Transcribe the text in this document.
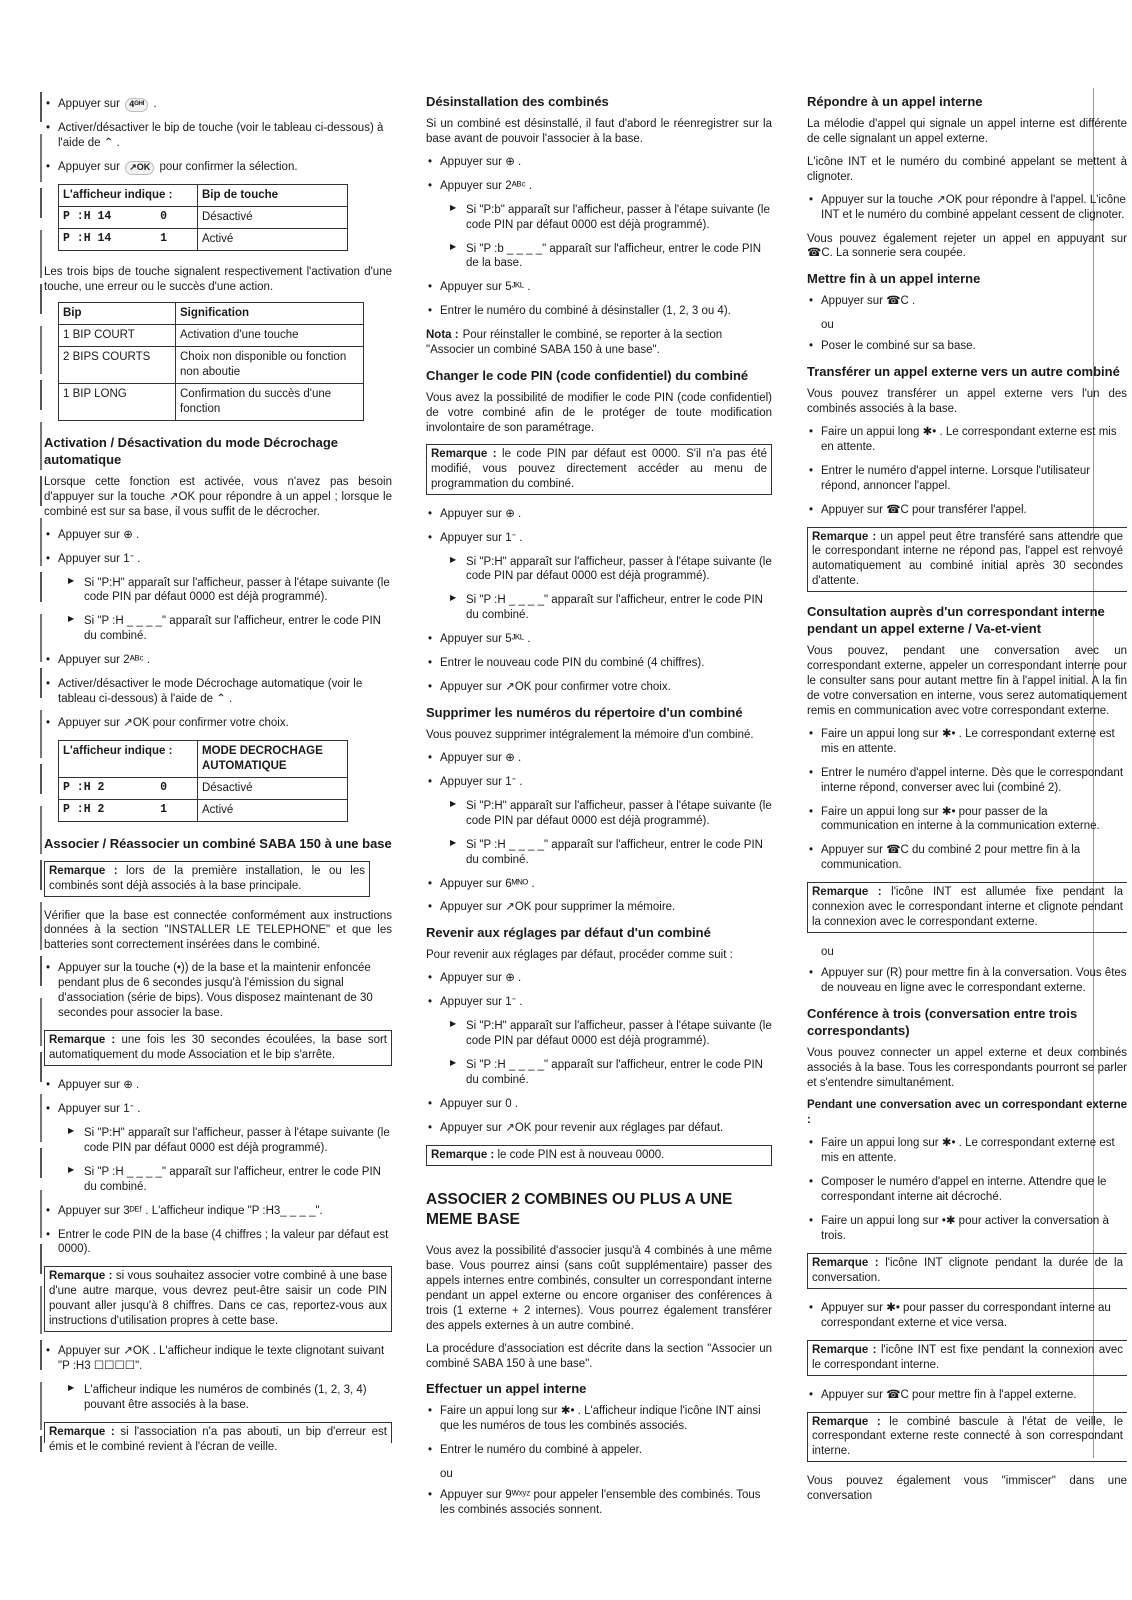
• Appuyer sur 4ᴳᴴᴵ .
• Activer/désactiver le bip de touche (voir le tableau ci-dessous) à l'aide de ⌃ .
• Appuyer sur ↗OK pour confirmer la sélection.
L'afficheur indique :	Bip de touche

P :H 14 0	Désactivé

P :H 14 1	Activé
Les trois bips de touche signalent respectivement l'activation d'une touche, une erreur ou le succès d'une action.
Bip	Signification
1 BIP COURT	Activation d'une touche
2 BIPS COURTS	Choix non disponible ou fonction non aboutie
1 BIP LONG	Confirmation du succès d'une fonction
Activation / Désactivation du mode Décrochage automatique
Lorsque cette fonction est activée, vous n'avez pas besoin d'appuyer sur la touche ↗OK pour répondre à un appel ; lorsque le combiné est sur sa base, il vous suffit de le décrocher.
• Appuyer sur ⊕ .
• Appuyer sur 1ᐨ .
▶ Si "P:H" apparaît sur l'afficheur, passer à l'étape suivante (le code PIN par défaut 0000 est déjà programmé).
▶ Si "P :H _ _ _ _" apparaît sur l'afficheur, entrer le code PIN du combiné.
• Appuyer sur 2ᴬᴮᶜ .
• Activer/désactiver le mode Décrochage automatique (voir le tableau ci-dessous) à l'aide de ⌃ .
• Appuyer sur ↗OK pour confirmer votre choix.
L'afficheur indique :	MODE DECROCHAGE AUTOMATIQUE

P :H 2 0	Désactivé

P :H 2 1	Activé
Associer / Réassocier un combiné SABA 150 à une base
Remarque : lors de la première installation, le ou les combinés sont déjà associés à la base principale.
Vérifier que la base est connectée conformément aux instructions données à la section "INSTALLER LE TELEPHONE" et que les batteries sont correctement insérées dans le combiné.
• Appuyer sur la touche (•)) de la base et la maintenir enfoncée pendant plus de 6 secondes jusqu'à l'émission du signal d'association (série de bips). Vous disposez maintenant de 30 secondes pour associer la base.
Remarque : une fois les 30 secondes écoulées, la base sort automatiquement du mode Association et le bip s'arrête.
• Appuyer sur ⊕ .
• Appuyer sur 1ᐨ .
▶ Si "P:H" apparaît sur l'afficheur, passer à l'étape suivante (le code PIN par défaut 0000 est déjà programmé).
▶ Si "P :H _ _ _ _" apparaît sur l'afficheur, entrer le code PIN du combiné.
• Appuyer sur 3ᴰᴱᶠ . L'afficheur indique "P :H3_ _ _ _".
• Entrer le code PIN de la base (4 chiffres ; la valeur par défaut est 0000).
Remarque : si vous souhaitez associer votre combiné à une base d'une autre marque, vous devrez peut-être saisir un code PIN pouvant aller jusqu'à 8 chiffres. Dans ce cas, reportez-vous aux instructions d'utilisation propres à cette base.
• Appuyer sur ↗OK . L'afficheur indique le texte clignotant suivant "P :H3 ☐☐☐☐".
▶ L'afficheur indique les numéros de combinés (1, 2, 3, 4) pouvant être associés à la base.
Remarque : si l'association n'a pas abouti, un bip d'erreur est émis et le combiné revient à l'écran de veille.
Désinstallation des combinés
Si un combiné est désinstallé, il faut d'abord le réenregistrer sur la base avant de pouvoir l'associer à la base.
• Appuyer sur ⊕ .
• Appuyer sur 2ᴬᴮᶜ .
▶ Si "P:b" apparaît sur l'afficheur, passer à l'étape suivante (le code PIN par défaut 0000 est déjà programmé).
▶ Si "P :b _ _ _ _" apparaît sur l'afficheur, entrer le code PIN de la base.
• Appuyer sur 5ᴶᴷᴸ .
• Entrer le numéro du combiné à désinstaller (1, 2, 3 ou 4).
Nota : Pour réinstaller le combiné, se reporter à la section "Associer un combiné SABA 150 à une base".
Changer le code PIN (code confidentiel) du combiné
Vous avez la possibilité de modifier le code PIN (code confidentiel) de votre combiné afin de le protéger de toute modification involontaire de son paramétrage.
Remarque : le code PIN par défaut est 0000. S'il n'a pas été modifié, vous pouvez directement accéder au menu de programmation du combiné.
• Appuyer sur ⊕ .
• Appuyer sur 1ᐨ .
▶ Si "P:H" apparaît sur l'afficheur, passer à l'étape suivante (le code PIN par défaut 0000 est déjà programmé).
▶ Si "P :H _ _ _ _" apparaît sur l'afficheur, entrer le code PIN du combiné.
• Appuyer sur 5ᴶᴷᴸ .
• Entrer le nouveau code PIN du combiné (4 chiffres).
• Appuyer sur ↗OK pour confirmer votre choix.
Supprimer les numéros du répertoire d'un combiné
Vous pouvez supprimer intégralement la mémoire d'un combiné.
• Appuyer sur ⊕ .
• Appuyer sur 1ᐨ .
▶ Si "P:H" apparaît sur l'afficheur, passer à l'étape suivante (le code PIN par défaut 0000 est déjà programmé).
▶ Si "P :H _ _ _ _" apparaît sur l'afficheur, entrer le code PIN du combiné.
• Appuyer sur 6ᴹᴺᴼ .
• Appuyer sur ↗OK pour supprimer la mémoire.
Revenir aux réglages par défaut d'un combiné
Pour revenir aux réglages par défaut, procéder comme suit :
• Appuyer sur ⊕ .
• Appuyer sur 1ᐨ .
▶ Si "P:H" apparaît sur l'afficheur, passer à l'étape suivante (le code PIN par défaut 0000 est déjà programmé).
▶ Si "P :H _ _ _ _" apparaît sur l'afficheur, entrer le code PIN du combiné.
• Appuyer sur 0 .
• Appuyer sur ↗OK pour revenir aux réglages par défaut.
Remarque : le code PIN est à nouveau 0000.
ASSOCIER 2 COMBINES OU PLUS A UNE MEME BASE
Vous avez la possibilité d'associer jusqu'à 4 combinés à une même base. Vous pourrez ainsi (sans coût supplémentaire) passer des appels internes entre combinés, consulter un correspondant interne pendant un appel externe ou encore organiser des conférences à trois (1 externe + 2 internes). Vous pourrez également transférer des appels externes à un autre combiné.
La procédure d'association est décrite dans la section "Associer un combiné SABA 150 à une base".
Effectuer un appel interne
• Faire un appui long sur ✱• . L'afficheur indique l'icône INT ainsi que les numéros de tous les combinés associés.
• Entrer le numéro du combiné à appeler.
ou
• Appuyer sur 9ᵂˣʸᶻ pour appeler l'ensemble des combinés. Tous les combinés associés sonnent.
Répondre à un appel interne
La mélodie d'appel qui signale un appel interne est différente de celle signalant un appel externe.
L'icône INT et le numéro du combiné appelant se mettent à clignoter.
• Appuyer sur la touche ↗OK pour répondre à l'appel. L'icône INT et le numéro du combiné appelant cessent de clignoter.
Vous pouvez également rejeter un appel en appuyant sur ☎C. La sonnerie sera coupée.
Mettre fin à un appel interne
• Appuyer sur ☎C .
ou
• Poser le combiné sur sa base.
Transférer un appel externe vers un autre combiné
Vous pouvez transférer un appel externe vers l'un des combinés associés à la base.
• Faire un appui long ✱• . Le correspondant externe est mis en attente.
• Entrer le numéro d'appel interne. Lorsque l'utilisateur répond, annoncer l'appel.
• Appuyer sur ☎C pour transférer l'appel.
Remarque : un appel peut être transféré sans attendre que le correspondant interne ne répond pas, l'appel est renvoyé automatiquement au combiné initial après 30 secondes d'attente.
Consultation auprès d'un correspondant interne pendant un appel externe / Va-et-vient
Vous pouvez, pendant une conversation avec un correspondant externe, appeler un correspondant interne pour le consulter sans pour autant mettre fin à l'appel initial. A la fin de votre conversation en interne, vous serez automatiquement remis en communication avec votre correspondant externe.
• Faire un appui long sur ✱• . Le correspondant externe est mis en attente.
• Entrer le numéro d'appel interne. Dès que le correspondant interne répond, converser avec lui (combiné 2).
• Faire un appui long sur ✱• pour passer de la communication en interne à la communication externe.
• Appuyer sur ☎C du combiné 2 pour mettre fin à la communication.
Remarque : l'icône INT est allumée fixe pendant la connexion avec le correspondant interne et clignote pendant la connexion avec le correspondant externe.
ou
• Appuyer sur (R) pour mettre fin à la conversation. Vous êtes de nouveau en ligne avec le correspondant externe.
Conférence à trois (conversation entre trois correspondants)
Vous pouvez connecter un appel externe et deux combinés associés à la base. Tous les correspondants pourront se parler et s'entendre simultanément.
Pendant une conversation avec un correspondant externe :
• Faire un appui long sur ✱• . Le correspondant externe est mis en attente.
• Composer le numéro d'appel en interne. Attendre que le correspondant interne ait décroché.
• Faire un appui long sur •✱ pour activer la conversation à trois.
Remarque : l'icône INT clignote pendant la durée de la conversation.
• Appuyer sur ✱• pour passer du correspondant interne au correspondant externe et vice versa.
Remarque : l'icône INT est fixe pendant la connexion avec le correspondant interne.
• Appuyer sur ☎C pour mettre fin à l'appel externe.
Remarque : le combiné bascule à l'état de veille, le correspondant externe reste connecté à son correspondant interne.
Vous pouvez également vous "immiscer" dans une conversation
